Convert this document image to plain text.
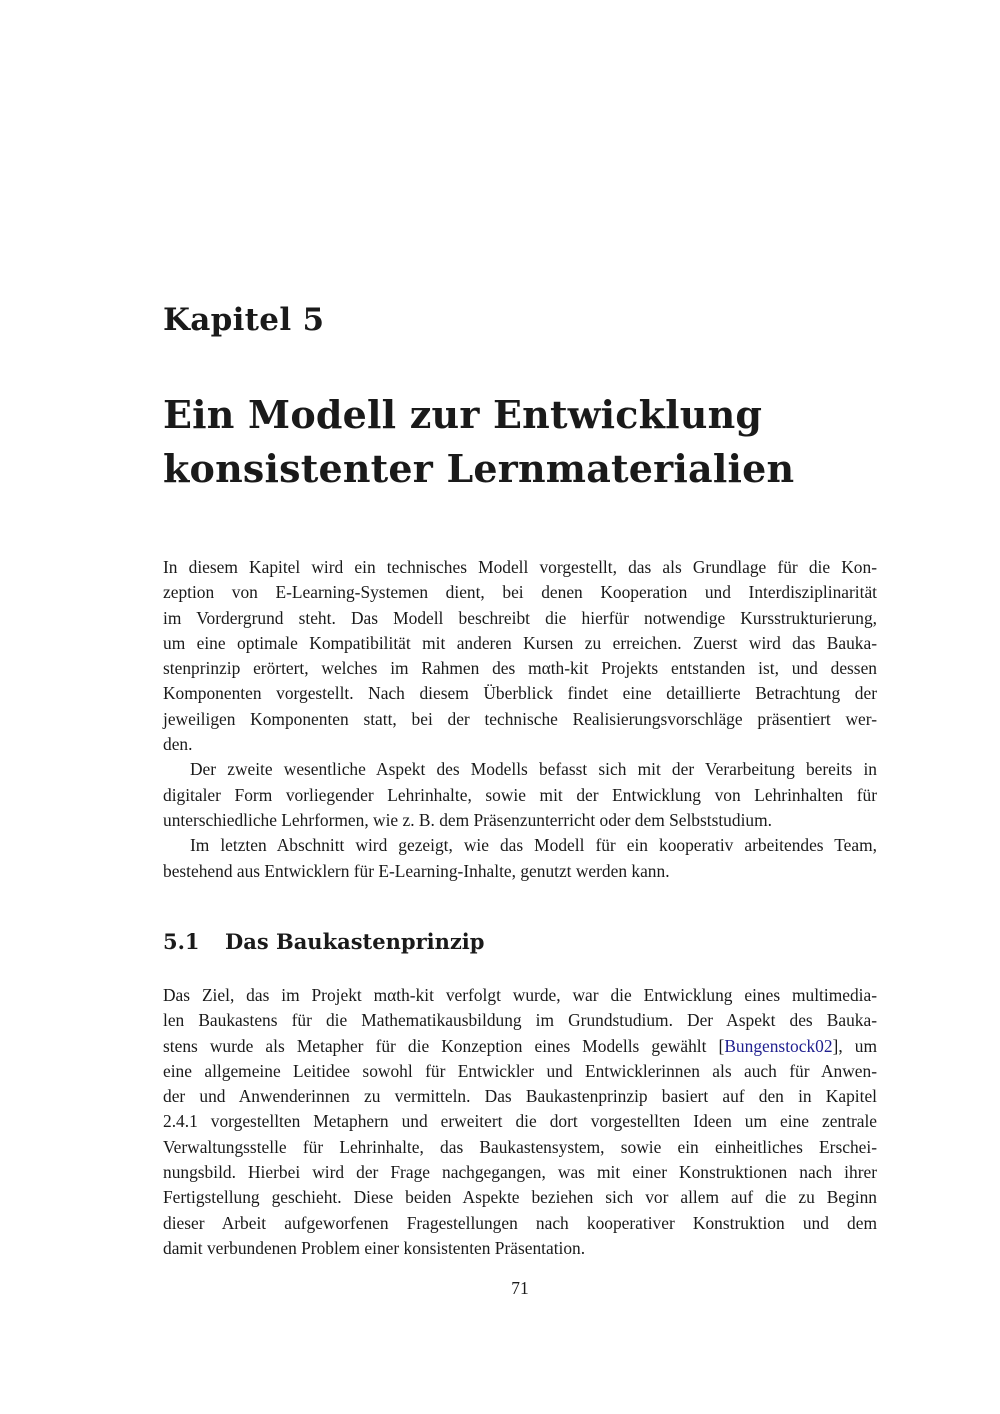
Kapitel 5
Ein Modell zur Entwicklung
konsistenter Lernmaterialien
In diesem Kapitel wird ein technisches Modell vorgestellt, das als Grundlage für die Kon-
zeption von E-Learning-Systemen dient, bei denen Kooperation und Interdisziplinarität
im Vordergrund steht. Das Modell beschreibt die hierfür notwendige Kursstrukturierung,
um eine optimale Kompatibilität mit anderen Kursen zu erreichen. Zuerst wird das Bauka-
stenprinzip erörtert, welches im Rahmen des mαth-kit Projekts entstanden ist, und dessen
Komponenten vorgestellt. Nach diesem Überblick findet eine detaillierte Betrachtung der
jeweiligen Komponenten statt, bei der technische Realisierungsvorschläge präsentiert wer-
den.
Der zweite wesentliche Aspekt des Modells befasst sich mit der Verarbeitung bereits in
digitaler Form vorliegender Lehrinhalte, sowie mit der Entwicklung von Lehrinhalten für
unterschiedliche Lehrformen, wie z. B. dem Präsenzunterricht oder dem Selbststudium.
Im letzten Abschnitt wird gezeigt, wie das Modell für ein kooperativ arbeitendes Team,
bestehend aus Entwicklern für E-Learning-Inhalte, genutzt werden kann.
5.1 Das Baukastenprinzip
Das Ziel, das im Projekt mαth-kit verfolgt wurde, war die Entwicklung eines multimedia-
len Baukastens für die Mathematikausbildung im Grundstudium. Der Aspekt des Bauka-
stens wurde als Metapher für die Konzeption eines Modells gewählt [Bungenstock02], um
eine allgemeine Leitidee sowohl für Entwickler und Entwicklerinnen als auch für Anwen-
der und Anwenderinnen zu vermitteln. Das Baukastenprinzip basiert auf den in Kapitel
2.4.1 vorgestellten Metaphern und erweitert die dort vorgestellten Ideen um eine zentrale
Verwaltungsstelle für Lehrinhalte, das Baukastensystem, sowie ein einheitliches Erschei-
nungsbild. Hierbei wird der Frage nachgegangen, was mit einer Konstruktionen nach ihrer
Fertigstellung geschieht. Diese beiden Aspekte beziehen sich vor allem auf die zu Beginn
dieser Arbeit aufgeworfenen Fragestellungen nach kooperativer Konstruktion und dem
damit verbundenen Problem einer konsistenten Präsentation.
71
